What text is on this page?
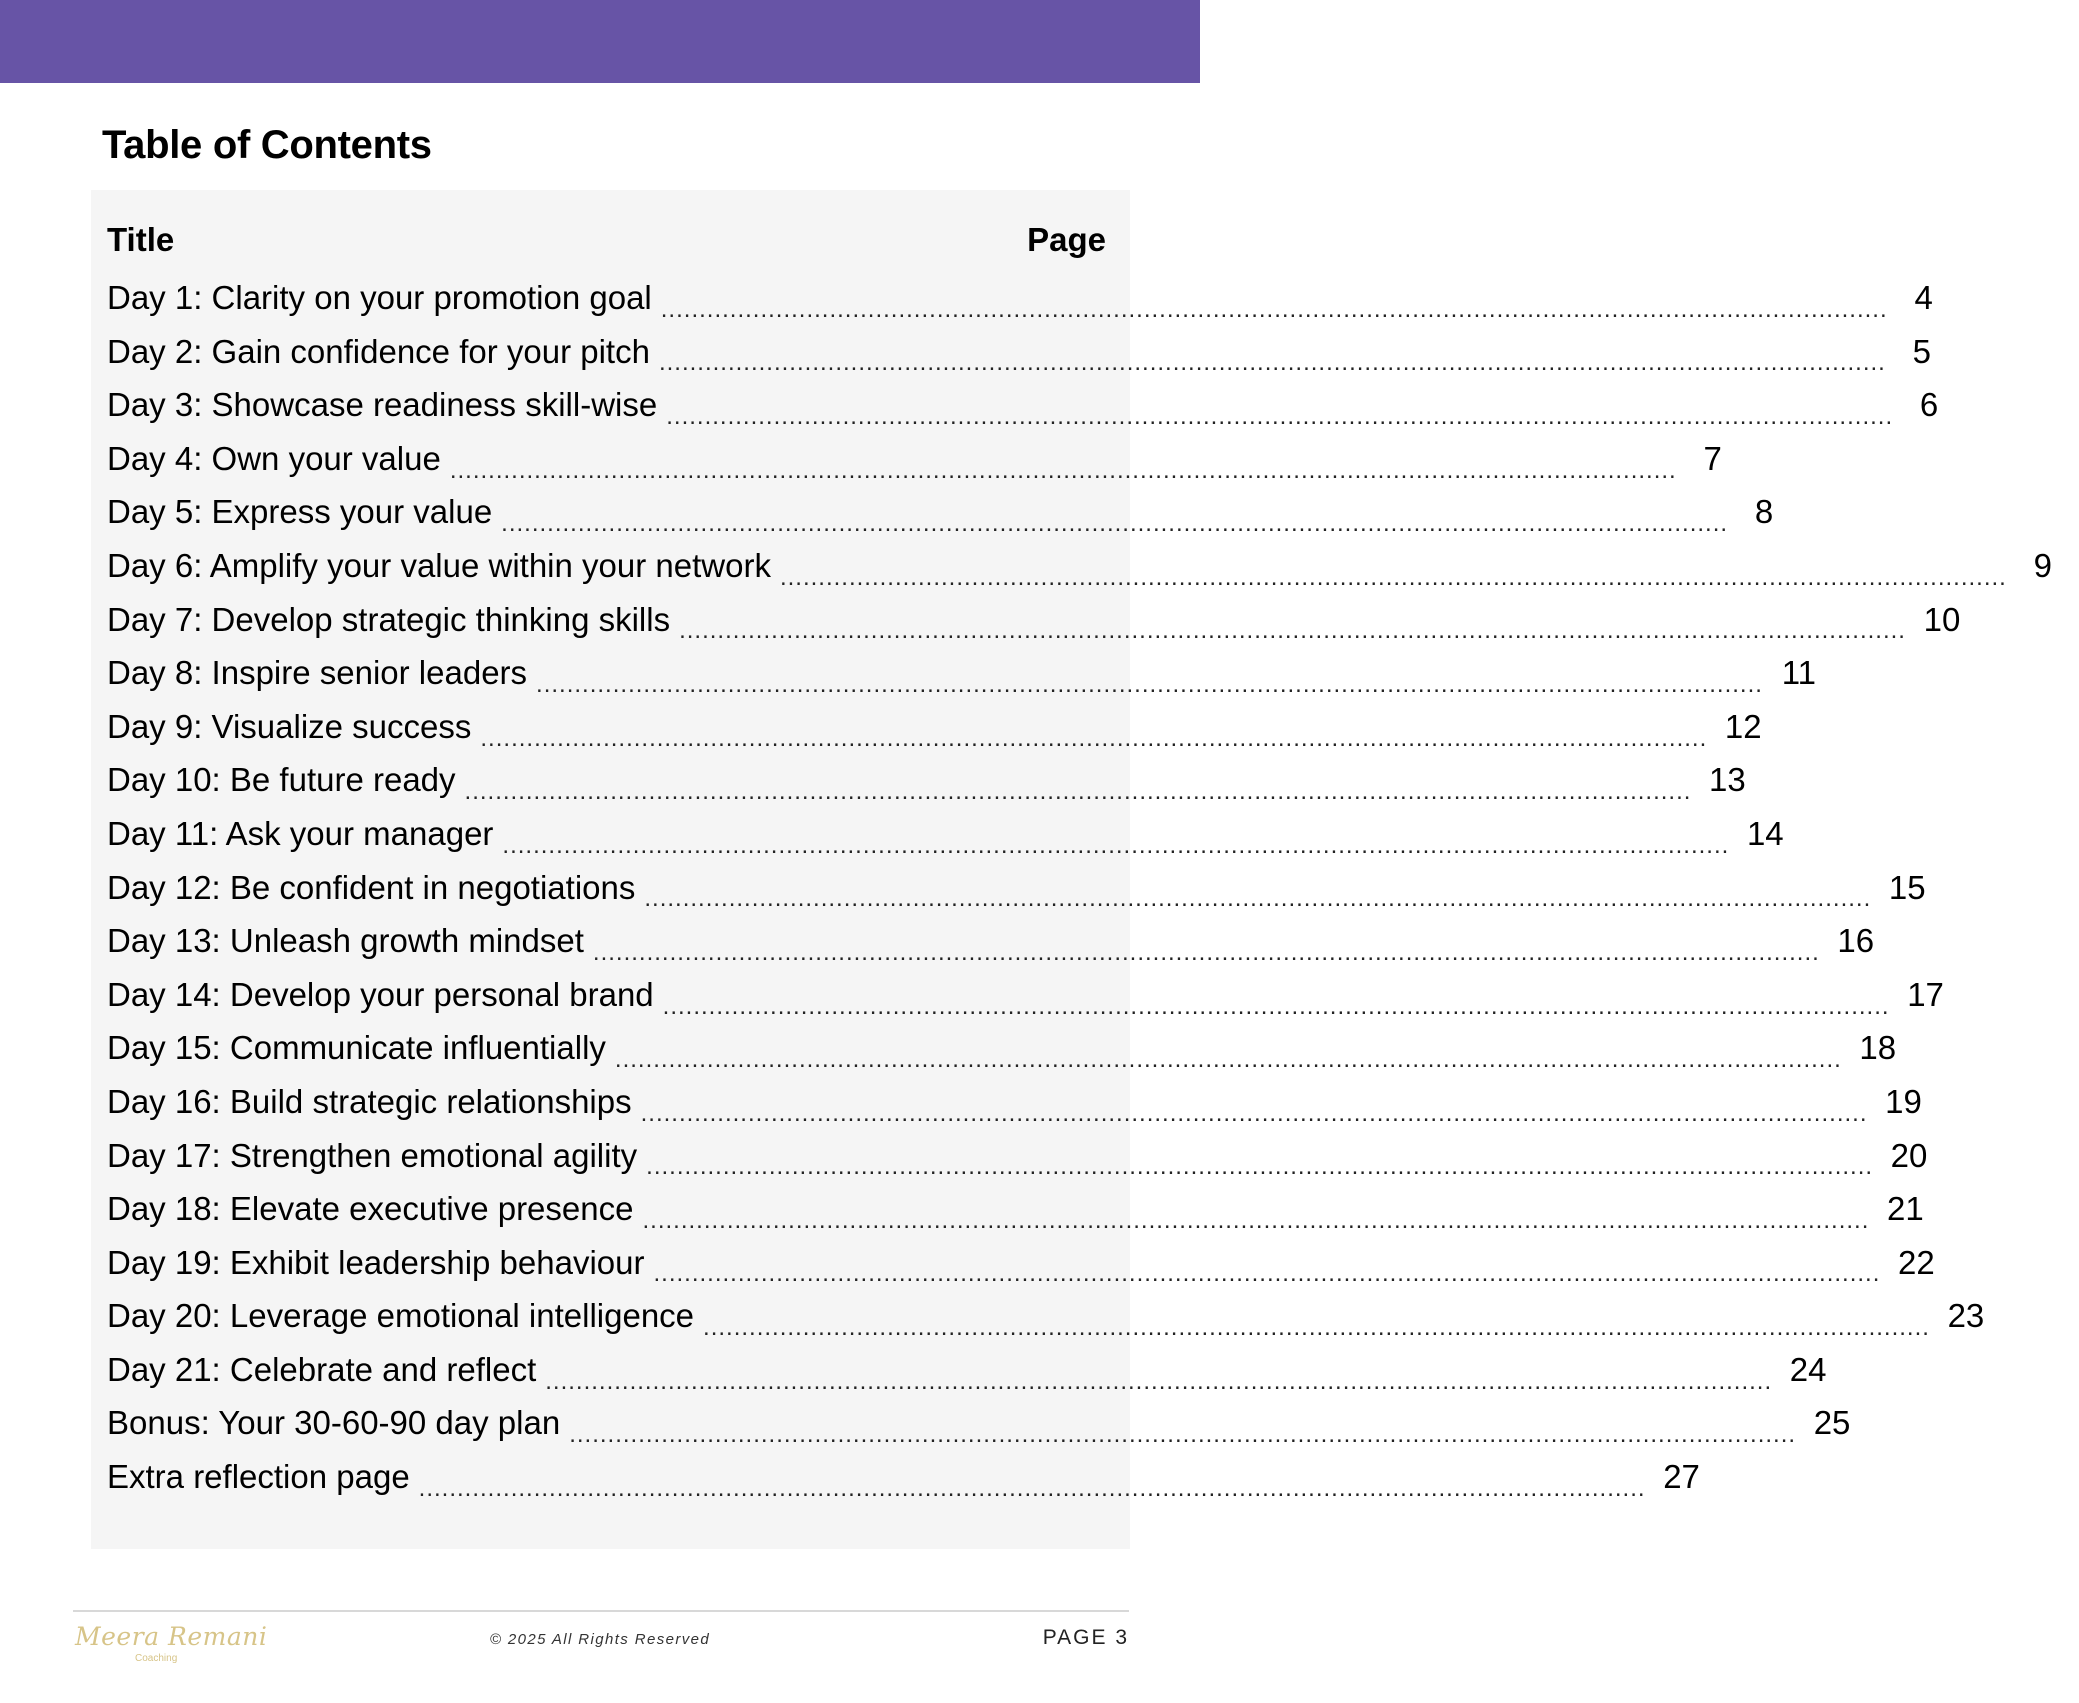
Table of Contents
Title	Page
Day 1: Clarity on your promotion goal ................................................................................................................................................................ 4
Day 2: Gain confidence for your pitch ................................................................................................................................................................ 5
Day 3: Showcase readiness skill-wise ................................................................................................................................................................ 6
Day 4: Own your value ................................................................................................................................................................ 7
Day 5: Express your value ................................................................................................................................................................ 8
Day 6: Amplify your value within your network ................................................................................................................................................................ 9
Day 7: Develop strategic thinking skills ................................................................................................................................................................ 10
Day 8: Inspire senior leaders ................................................................................................................................................................ 11
Day 9: Visualize success ................................................................................................................................................................ 12
Day 10: Be future ready ................................................................................................................................................................ 13
Day 11: Ask your manager ................................................................................................................................................................ 14
Day 12: Be confident in negotiations ................................................................................................................................................................ 15
Day 13: Unleash growth mindset ................................................................................................................................................................ 16
Day 14: Develop your personal brand ................................................................................................................................................................ 17
Day 15: Communicate influentially ................................................................................................................................................................ 18
Day 16: Build strategic relationships ................................................................................................................................................................ 19
Day 17: Strengthen emotional agility ................................................................................................................................................................ 20
Day 18: Elevate executive presence ................................................................................................................................................................ 21
Day 19: Exhibit leadership behaviour ................................................................................................................................................................ 22
Day 20: Leverage emotional intelligence ................................................................................................................................................................ 23
Day 21: Celebrate and reflect ................................................................................................................................................................ 24
Bonus: Your 30-60-90 day plan ................................................................................................................................................................ 25
Extra reflection page ................................................................................................................................................................ 27
Meera Remani
Coaching
© 2025 All Rights Reserved	PAGE 3
